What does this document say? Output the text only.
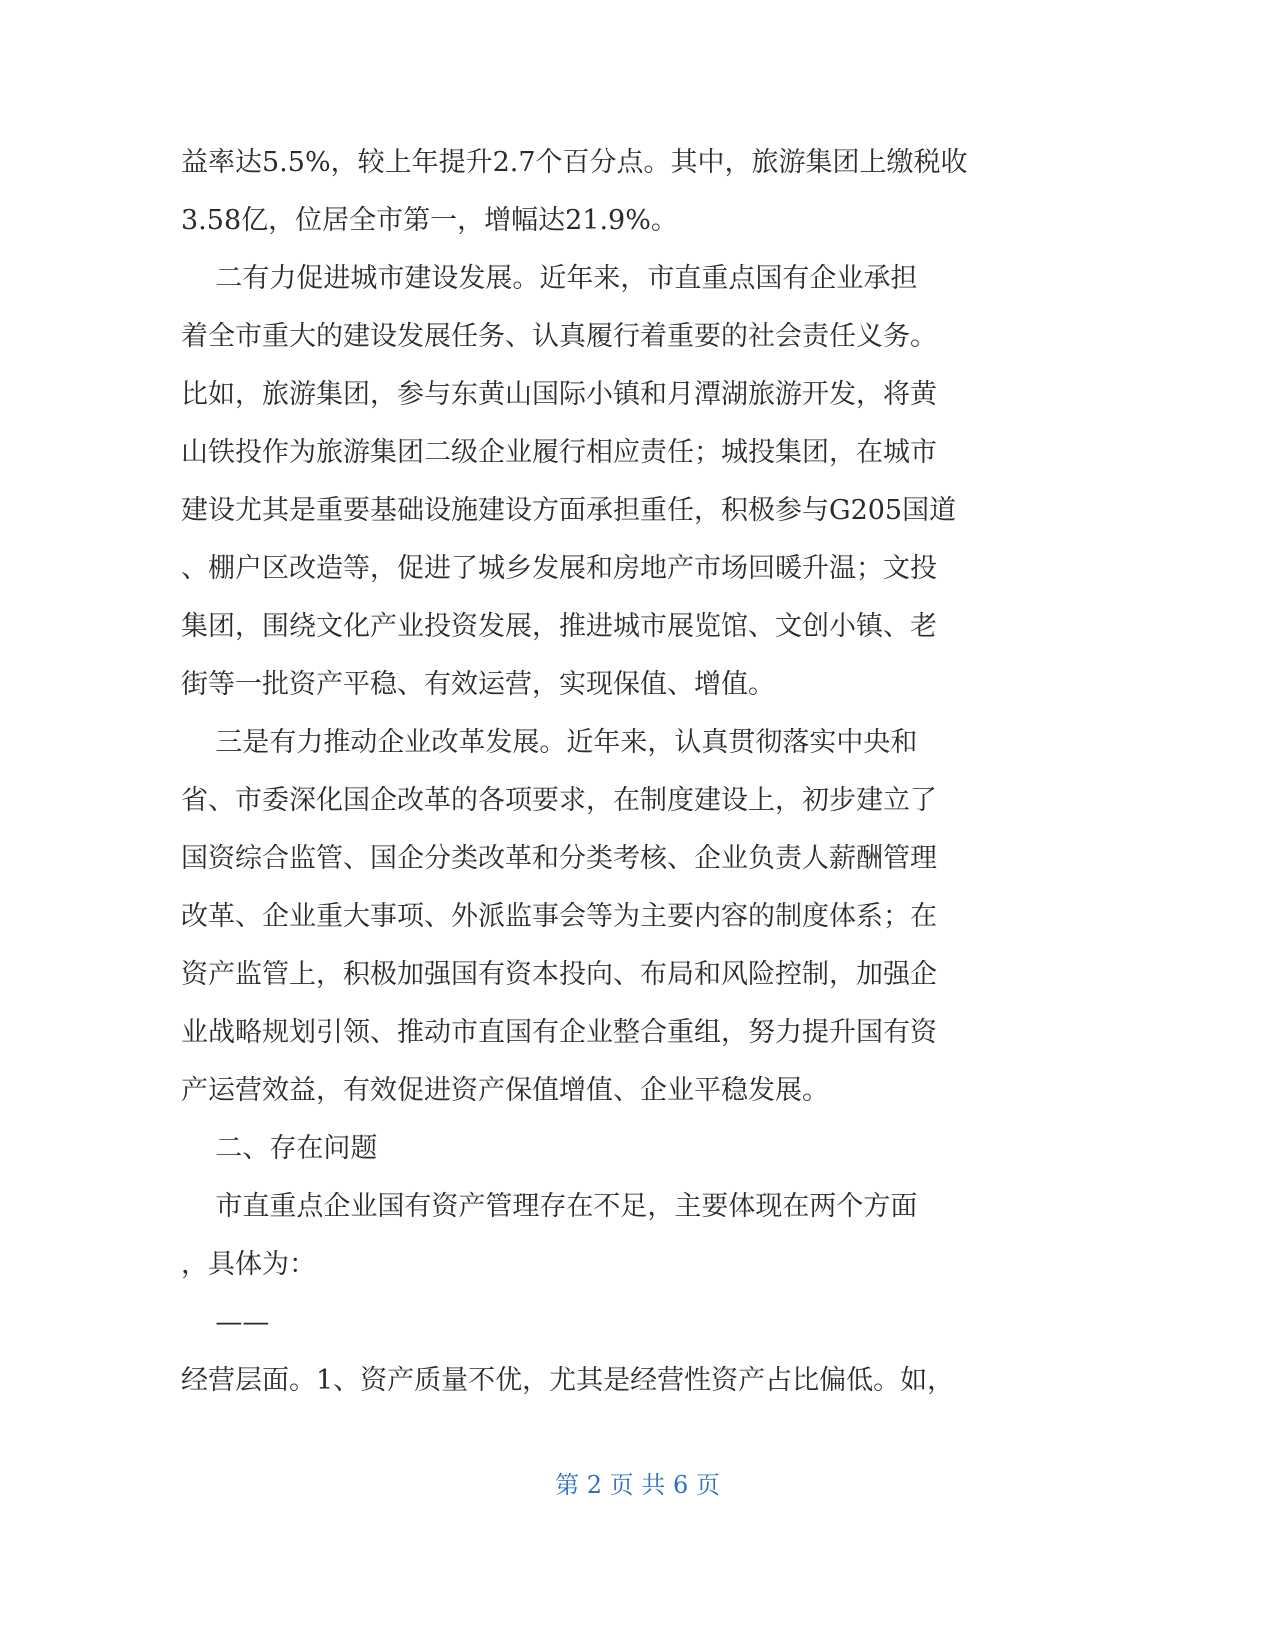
益率达5.5%，较上年提升2.7个百分点。其中，旅游集团上缴税收
3.58亿，位居全市第一，增幅达21.9%。
二有力促进城市建设发展。近年来，市直重点国有企业承担
着全市重大的建设发展任务、认真履行着重要的社会责任义务。
比如，旅游集团，参与东黄山国际小镇和月潭湖旅游开发，将黄
山铁投作为旅游集团二级企业履行相应责任；城投集团，在城市
建设尤其是重要基础设施建设方面承担重任，积极参与G205国道
、棚户区改造等，促进了城乡发展和房地产市场回暖升温；文投
集团，围绕文化产业投资发展，推进城市展览馆、文创小镇、老
街等一批资产平稳、有效运营，实现保值、增值。
三是有力推动企业改革发展。近年来，认真贯彻落实中央和
省、市委深化国企改革的各项要求，在制度建设上，初步建立了
国资综合监管、国企分类改革和分类考核、企业负责人薪酬管理
改革、企业重大事项、外派监事会等为主要内容的制度体系；在
资产监管上，积极加强国有资本投向、布局和风险控制，加强企
业战略规划引领、推动市直国有企业整合重组，努力提升国有资
产运营效益，有效促进资产保值增值、企业平稳发展。
二、存在问题
市直重点企业国有资产管理存在不足，主要体现在两个方面
，具体为：
——
经营层面。1、资产质量不优，尤其是经营性资产占比偏低。如，
第 2 页 共 6 页
